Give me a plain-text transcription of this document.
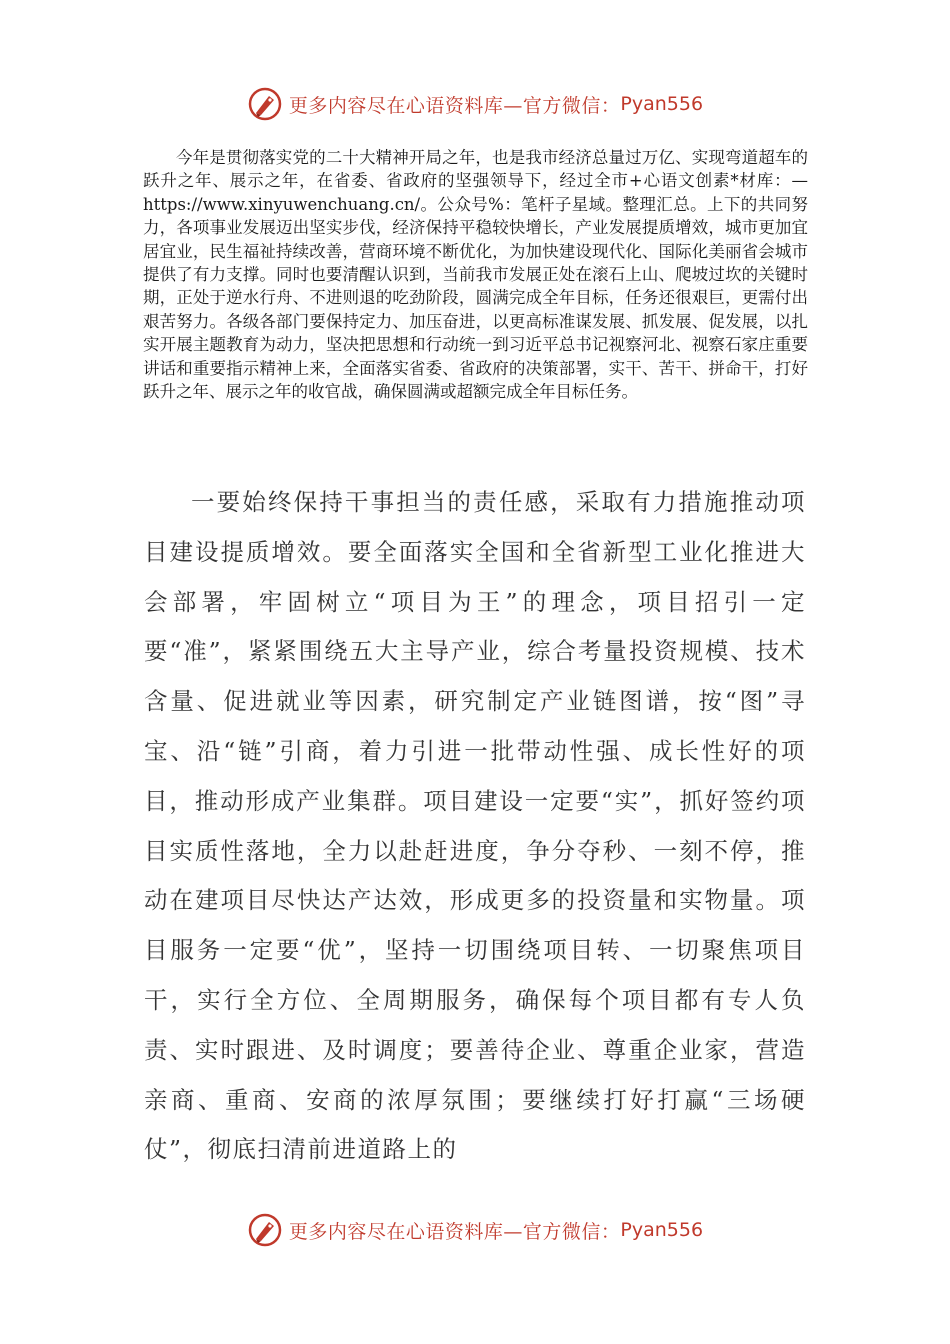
更多内容尽在心语资料库—官方微信： Pyan556
今年是贯彻落实党的二十大精神开局之年，也是我市经济总量过万亿、实现弯道超车的跃升之年、展示之年，在省委、省政府的坚强领导下，经过全市+心语文创素*材库：—https://www.xinyuwenchuang.cn/。公众号%：笔杆子星域。整理汇总。上下的共同努力，各项事业发展迈出坚实步伐，经济保持平稳较快增长，产业发展提质增效，城市更加宜居宜业，民生福祉持续改善，营商环境不断优化，为加快建设现代化、国际化美丽省会城市提供了有力支撑。同时也要清醒认识到，当前我市发展正处在滚石上山、爬坡过坎的关键时期，正处于逆水行舟、不进则退的吃劲阶段，圆满完成全年目标，任务还很艰巨，更需付出艰苦努力。各级各部门要保持定力、加压奋进，以更高标准谋发展、抓发展、促发展，以扎实开展主题教育为动力，坚决把思想和行动统一到习近平总书记视察河北、视察石家庄重要讲话和重要指示精神上来，全面落实省委、省政府的决策部署，实干、苦干、拼命干，打好跃升之年、展示之年的收官战，确保圆满或超额完成全年目标任务。
一要始终保持干事担当的责任感，采取有力措施推动项目建设提质增效。要全面落实全国和全省新型工业化推进大会部署，牢固树立“项目为王”的理念，项目招引一定要“准”，紧紧围绕五大主导产业，综合考量投资规模、技术含量、促进就业等因素，研究制定产业链图谱，按“图”寻宝、沿“链”引商，着力引进一批带动性强、成长性好的项目，推动形成产业集群。项目建设一定要“实”，抓好签约项目实质性落地，全力以赴赶进度，争分夺秒、一刻不停，推动在建项目尽快达产达效，形成更多的投资量和实物量。项目服务一定要“优”，坚持一切围绕项目转、一切聚焦项目干，实行全方位、全周期服务，确保每个项目都有专人负责、实时跟进、及时调度；要善待企业、尊重企业家，营造亲商、重商、安商的浓厚氛围；要继续打好打赢“三场硬仗”，彻底扫清前进道路上的
更多内容尽在心语资料库—官方微信： Pyan556
